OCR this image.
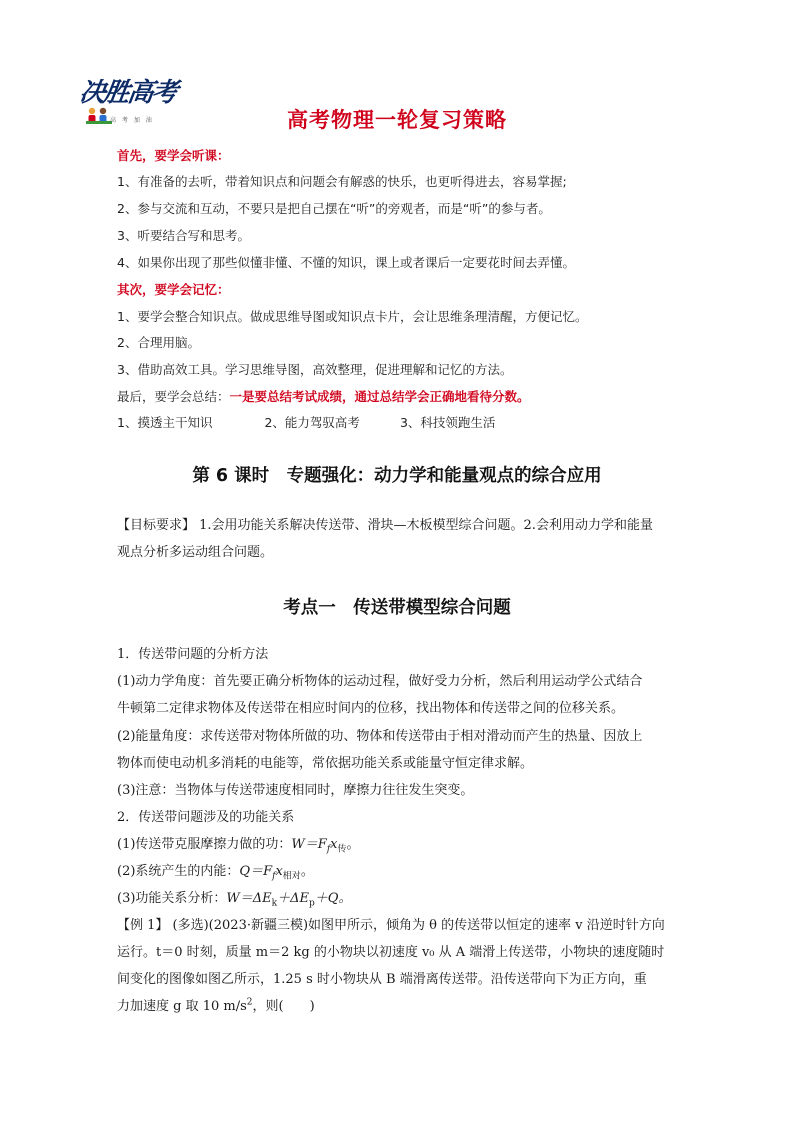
决胜高考
高 考 加 油	高考物理一轮复习策略
首先，要学会听课：
1、有准备的去听，带着知识点和问题会有解惑的快乐，也更听得进去，容易掌握;
2、参与交流和互动，不要只是把自己摆在“听”的旁观者，而是“听”的参与者。
3、听要结合写和思考。
4、如果你出现了那些似懂非懂、不懂的知识，课上或者课后一定要花时间去弄懂。
其次，要学会记忆：
1、要学会整合知识点。做成思维导图或知识点卡片，会让思维条理清醒，方便记忆。
2、合理用脑。
3、借助高效工具。学习思维导图，高效整理，促进理解和记忆的方法。
最后，要学会总结：一是要总结考试成绩，通过总结学会正确地看待分数。
1、摸透主干知识	2、能力驾驭高考	3、科技领跑生活
第 6 课时　专题强化：动力学和能量观点的综合应用
【目标要求】 1.会用功能关系解决传送带、滑块—木板模型综合问题。2.会利用动力学和能量
观点分析多运动组合问题。
考点一　传送带模型综合问题
1．传送带问题的分析方法
(1)动力学角度：首先要正确分析物体的运动过程，做好受力分析，然后利用运动学公式结合
牛顿第二定律求物体及传送带在相应时间内的位移，找出物体和传送带之间的位移关系。
(2)能量角度：求传送带对物体所做的功、物体和传送带由于相对滑动而产生的热量、因放上
物体而使电动机多消耗的电能等，常依据功能关系或能量守恒定律求解。
(3)注意：当物体与传送带速度相同时，摩擦力往往发生突变。
2．传送带问题涉及的功能关系
(1)传送带克服摩擦力做的功：$W=F_fx_传$。
(2)系统产生的内能：$Q=F_fx_{相对}$。
(3)功能关系分析：$W=\Delta E_k+\Delta E_p+Q$。
【例 1】 (多选)(2023·新疆三模)如图甲所示，倾角为 θ 的传送带以恒定的速率 v 沿逆时针方向
运行。t＝0 时刻，质量 m＝2 kg 的小物块以初速度 v₀ 从 A 端滑上传送带，小物块的速度随时
间变化的图像如图乙所示，1.25 s 时小物块从 B 端滑离传送带。沿传送带向下为正方向，重
力加速度 g 取 10 $m/s^2$，则(　　)
